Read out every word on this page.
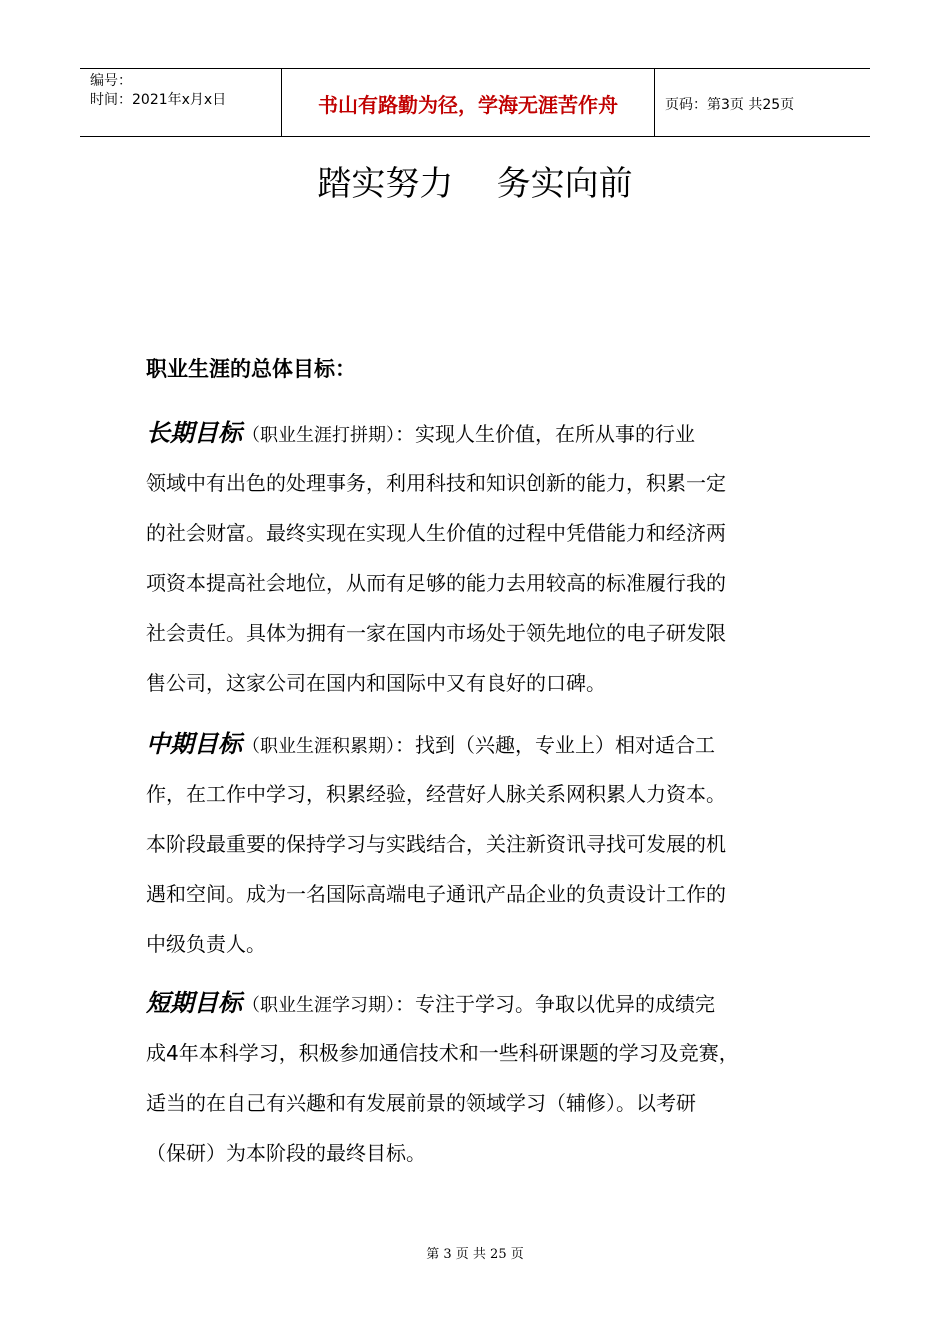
编号：
时间：2021年x月x日	书山有路勤为径，学海无涯苦作舟	页码：第3页 共25页
踏实努力    务实向前
职业生涯的总体目标：
长期目标（职业生涯打拼期）：实现人生价值，在所从事的行业
领域中有出色的处理事务，利用科技和知识创新的能力，积累一定
的社会财富。最终实现在实现人生价值的过程中凭借能力和经济两
项资本提高社会地位，从而有足够的能力去用较高的标准履行我的
社会责任。具体为拥有一家在国内市场处于领先地位的电子研发限
售公司，这家公司在国内和国际中又有良好的口碑。
中期目标（职业生涯积累期）：找到（兴趣，专业上）相对适合工
作，在工作中学习，积累经验，经营好人脉关系网积累人力资本。
本阶段最重要的保持学习与实践结合，关注新资讯寻找可发展的机
遇和空间。成为一名国际高端电子通讯产品企业的负责设计工作的
中级负责人。
短期目标（职业生涯学习期）：专注于学习。争取以优异的成绩完
成4年本科学习，积极参加通信技术和一些科研课题的学习及竞赛，
适当的在自己有兴趣和有发展前景的领域学习（辅修）。以考研
（保研）为本阶段的最终目标。
第 3 页 共 25 页
